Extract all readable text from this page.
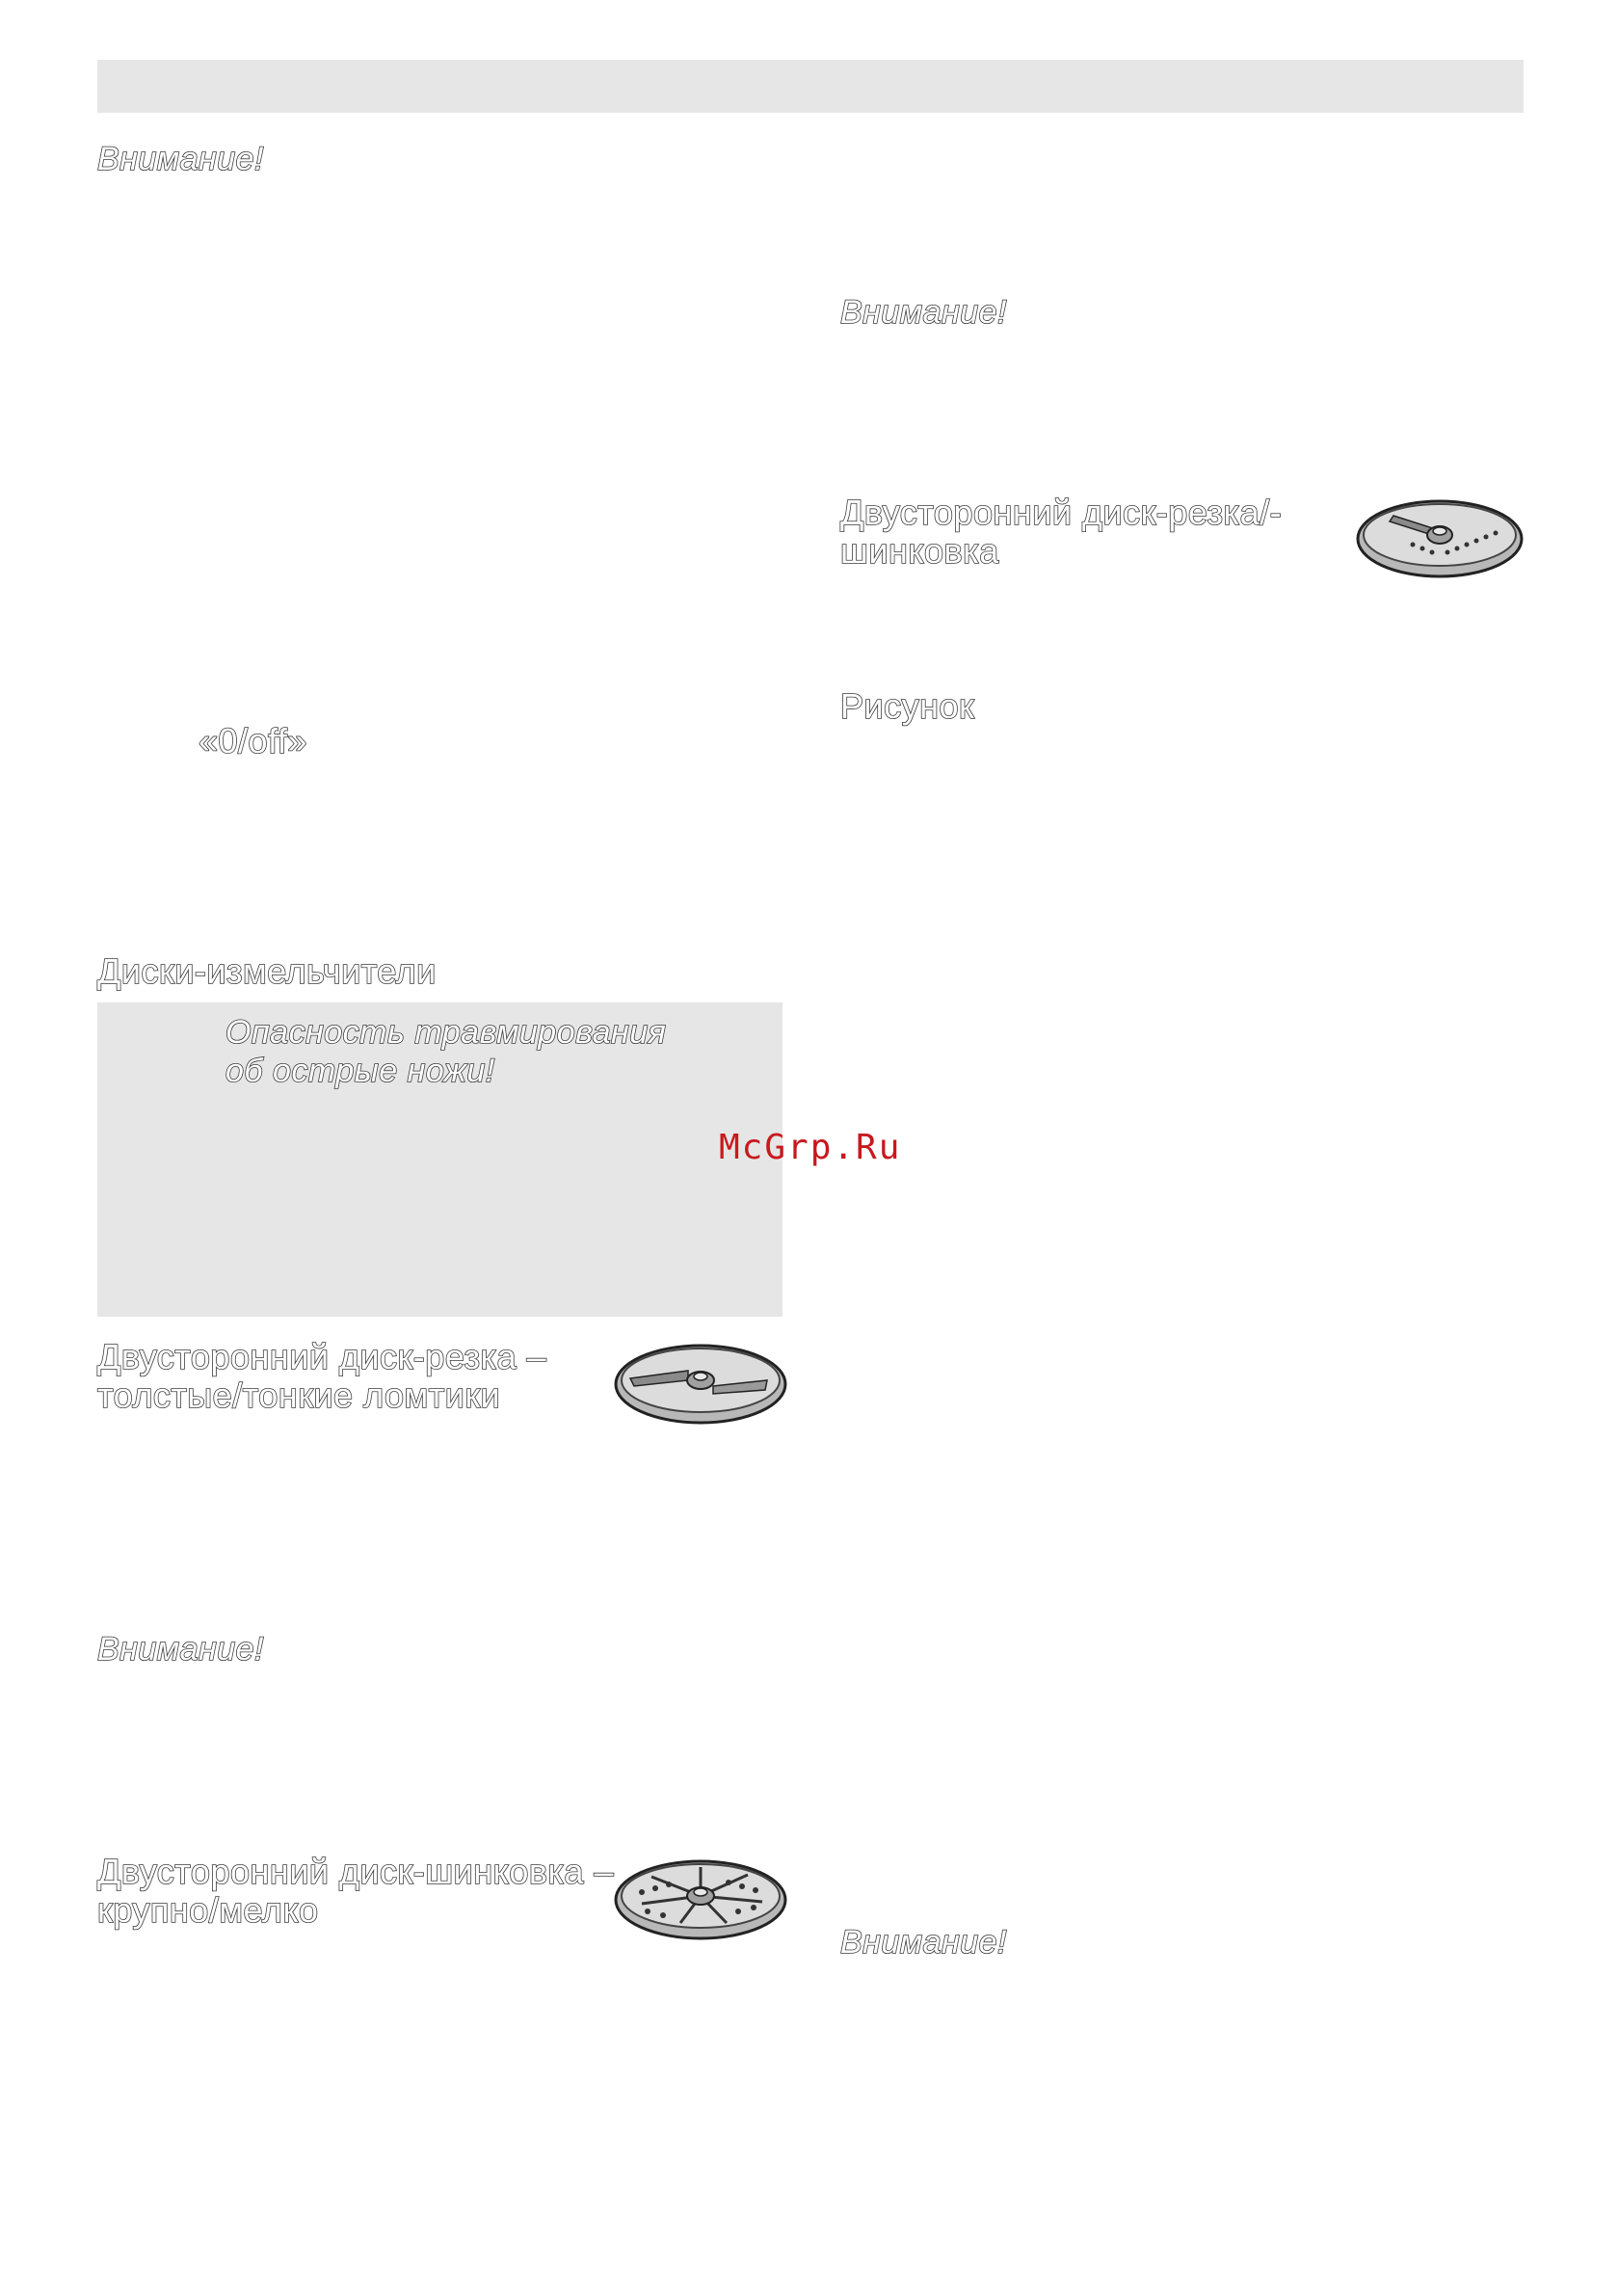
Внимание!

«0/off»

Диски-измельчители

Опасность травмирования

об острые ножи!

Двусторонний диск-резка –

толстые/тонкие ломтики

Внимание!

Двусторонний диск-шинковка –

крупно/мелко

Внимание!

Двусторонний диск-резка/-

шинковка

Рисунок

Внимание!

McGrp.Ru
